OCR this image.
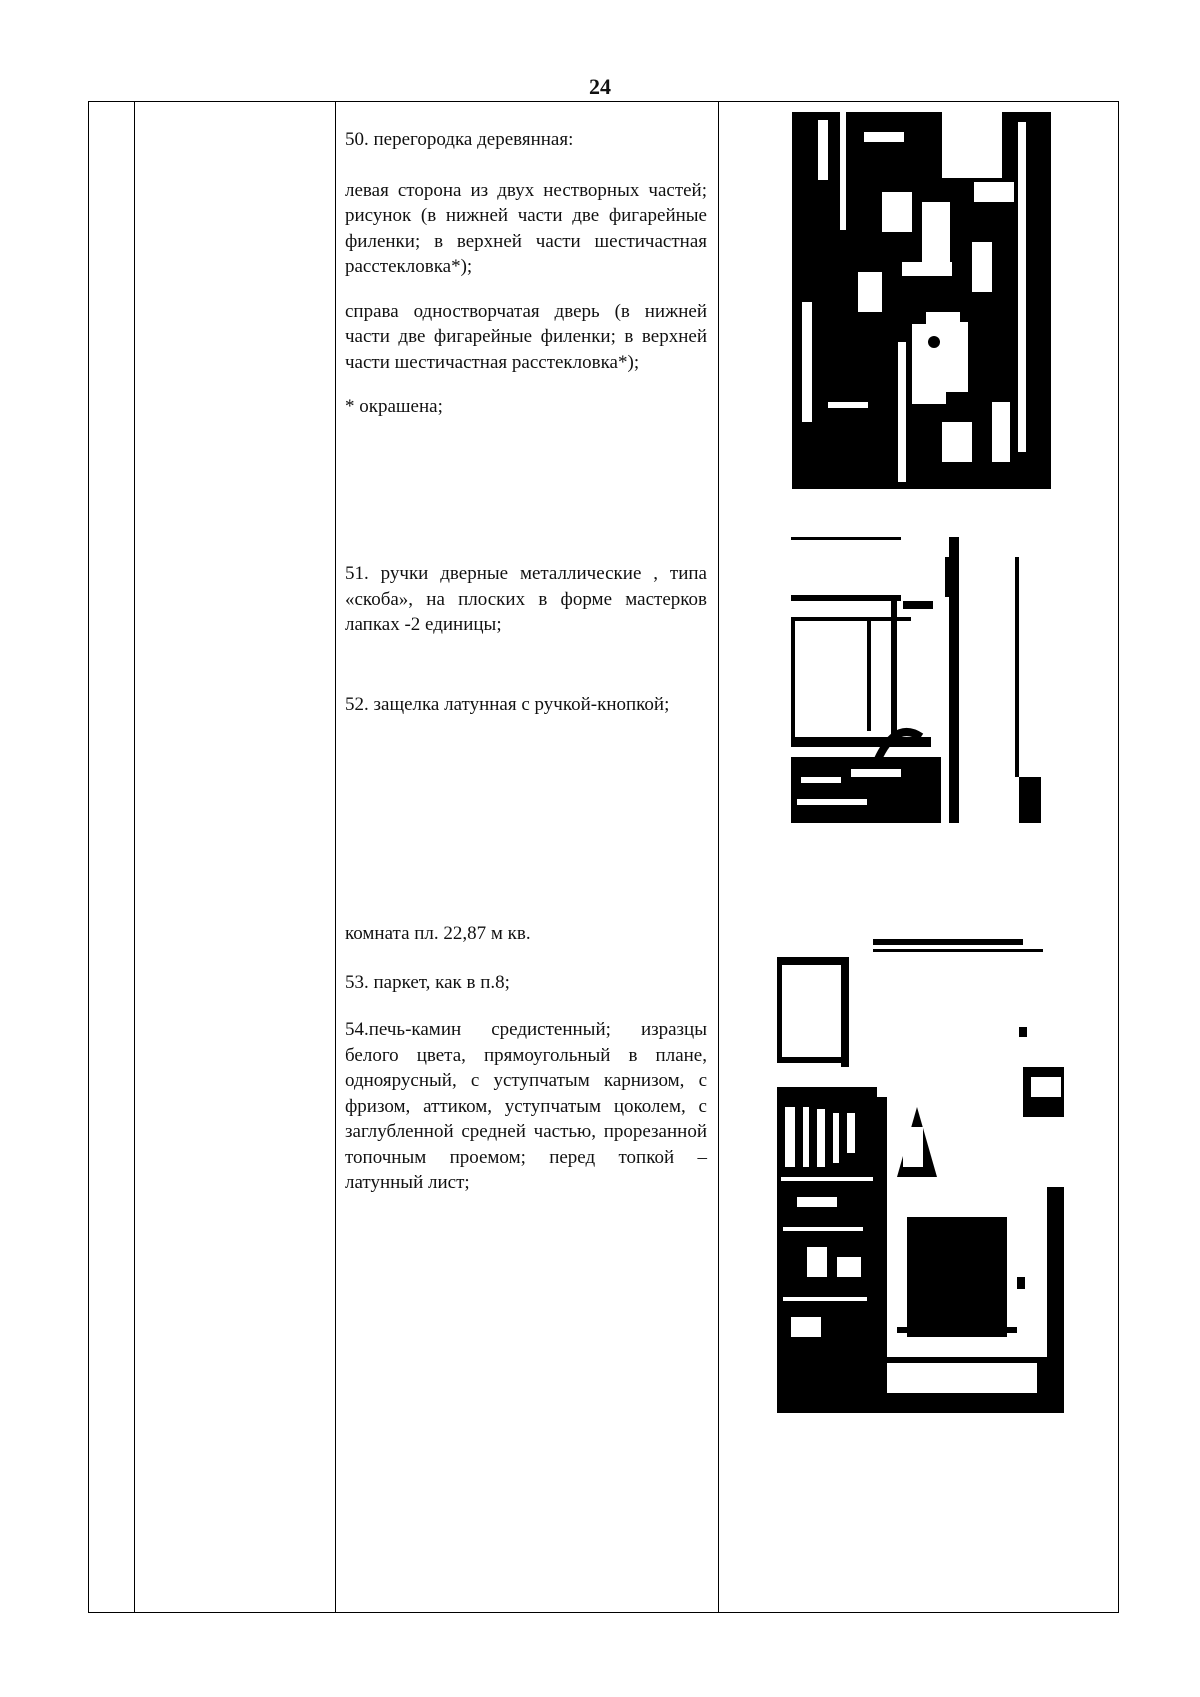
24

50. перегородка деревянная:

левая сторона из двух нестворных частей; рисунок (в нижней части две фигарейные филенки; в верхней части шестичастная расстекловка*);

справа одностворчатая дверь (в нижней части две фигарейные филенки; в верхней части шестичастная расстекловка*);

* окрашена;

51. ручки дверные металлические , типа «скоба», на плоских в форме мастерков лапках -2 единицы;

52. защелка латунная с ручкой-кнопкой;

комната пл. 22,87 м кв.

53. паркет, как в п.8;

54.печь-камин средистенный; изразцы белого цвета, прямоугольный в плане, одноярусный, с уступчатым карнизом, с фризом, аттиком, уступчатым цоколем, с заглубленной средней частью, прорезанной топочным проемом; перед топкой – латунный лист;
